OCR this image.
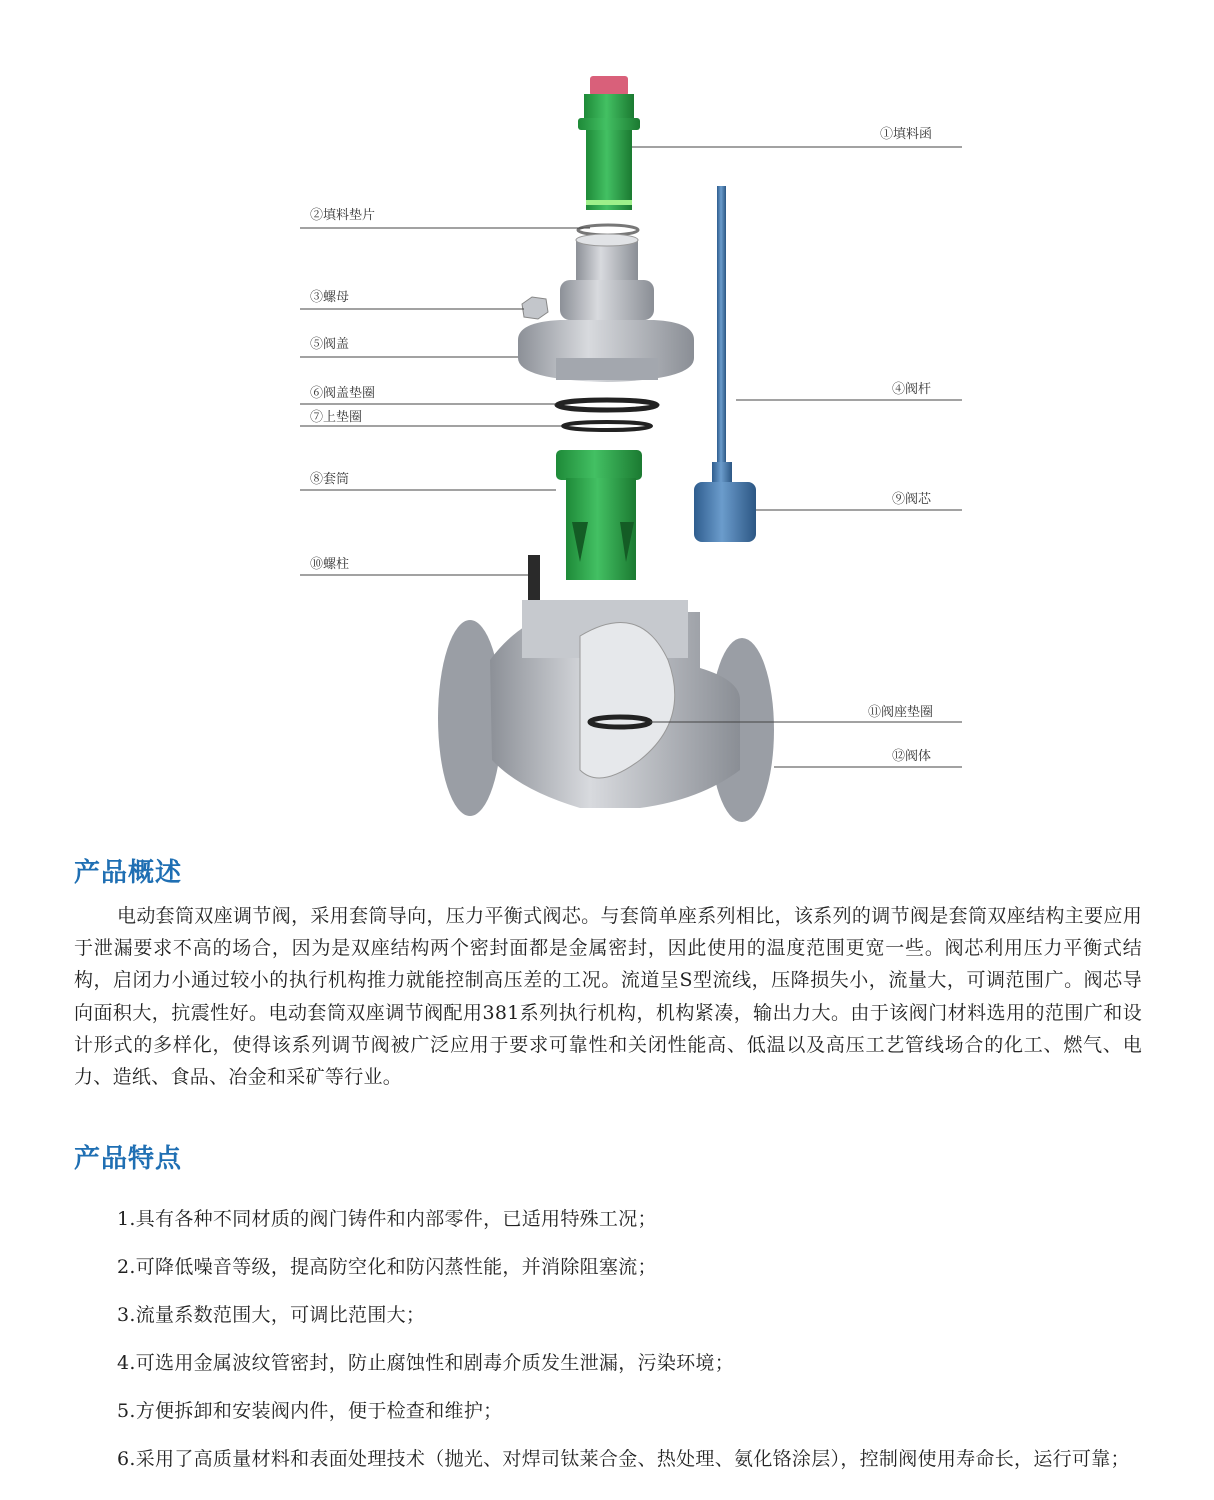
①填料函
②填料垫片
③螺母
⑤阀盖
⑥阀盖垫圈
⑦上垫圈
⑧套筒
⑩螺柱
④阀杆
⑨阀芯
⑪阀座垫圈
⑫阀体
产品概述

电动套筒双座调节阀，采用套筒导向，压力平衡式阀芯。与套筒单座系列相比，该系列的调节阀是套筒双座结构主要应用于泄漏要求不高的场合，因为是双座结构两个密封面都是金属密封，因此使用的温度范围更宽一些。阀芯利用压力平衡式结构，启闭力小通过较小的执行机构推力就能控制高压差的工况。流道呈S型流线，压降损失小，流量大，可调范围广。阀芯导向面积大，抗震性好。电动套筒双座调节阀配用381系列执行机构，机构紧凑，输出力大。由于该阀门材料选用的范围广和设计形式的多样化，使得该系列调节阀被广泛应用于要求可靠性和关闭性能高、低温以及高压工艺管线场合的化工、燃气、电力、造纸、食品、冶金和采矿等行业。

产品特点
1.具有各种不同材质的阀门铸件和内部零件，已适用特殊工况；
2.可降低噪音等级，提高防空化和防闪蒸性能，并消除阻塞流；
3.流量系数范围大，可调比范围大；
4.可选用金属波纹管密封，防止腐蚀性和剧毒介质发生泄漏，污染环境；
5.方便拆卸和安装阀内件，便于检查和维护；
6.采用了高质量材料和表面处理技术（抛光、对焊司钛莱合金、热处理、氨化铬涂层），控制阀使用寿命长，运行可靠；
